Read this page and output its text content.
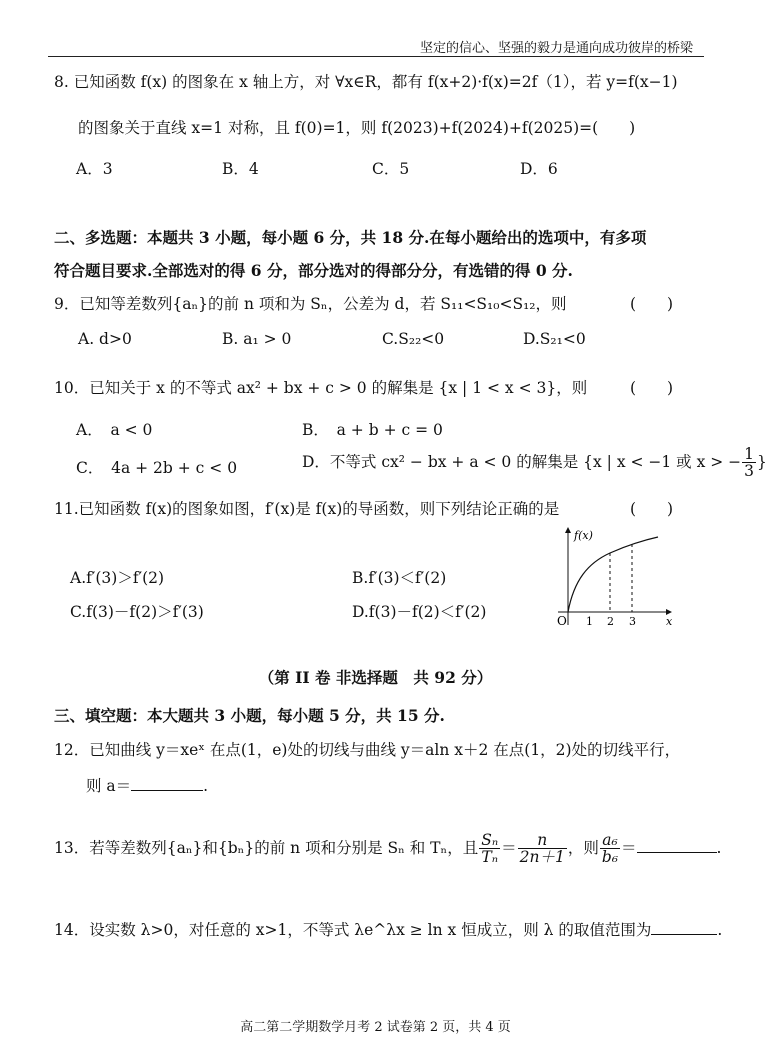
坚定的信心、坚强的毅力是通向成功彼岸的桥梁
8. 已知函数 f(x) 的图象在 x 轴上方，对 ∀x∈R，都有 f(x+2)·f(x)=2f（1），若 y=f(x−1)
的图象关于直线 x=1 对称，且 f(0)=1，则 f(2023)+f(2024)+f(2025)=(　　)
A．3	B．4	C．5	D．6
二、多选题：本题共 3 小题，每小题 6 分，共 18 分.在每小题给出的选项中，有多项
符合题目要求.全部选对的得 6 分，部分选对的得部分分，有选错的得 0 分.
9．已知等差数列{aₙ}的前 n 项和为 Sₙ，公差为 d，若 S₁₁<S₁₀<S₁₂，则	(　　)
A. d>0	B. a₁ > 0	C.S₂₂<0	D.S₂₁<0
10．已知关于 x 的不等式 ax² + bx + c > 0 的解集是 {x | 1 < x < 3}，则	(　　)
A．　a < 0	B．　a + b + c = 0
C．　4a + 2b + c < 0	D．不等式 cx² − bx + a < 0 的解集是 {x | x < −1 或 x > − $\frac{1}{3}$ }
11.已知函数 f(x)的图象如图，f′(x)是 f(x)的导函数，则下列结论正确的是	(　　)
A.f′(3)＞f′(2)	B.f′(3)＜f′(2)
C.f(3)－f(2)＞f′(3)	D.f(3)－f(2)＜f′(2)
f(x)
x
O 1 2 3
（第 II 卷 非选择题　共 92 分）
三、填空题：本大题共 3 小题，每小题 5 分，共 15 分.
12．已知曲线 y＝xeˣ 在点(1，e)处的切线与曲线 y＝aln x＋2 在点(1，2)处的切线平行，
则 a＝	.
13．若等差数列{aₙ}和{bₙ}的前 n 项和分别是 Sₙ 和 Tₙ，且 $\frac{\text{Sₙ}}{\text{Tₙ}} = \frac{n}{2n+1}$ ，则 $\frac{\text{a₆}}{\text{b₆}}$ ＝	.
14．设实数 λ>0，对任意的 x>1，不等式 λe^λx ≥ ln x 恒成立，则 λ 的取值范围为	.
高二第二学期数学月考 2 试卷第 2 页，共 4 页
